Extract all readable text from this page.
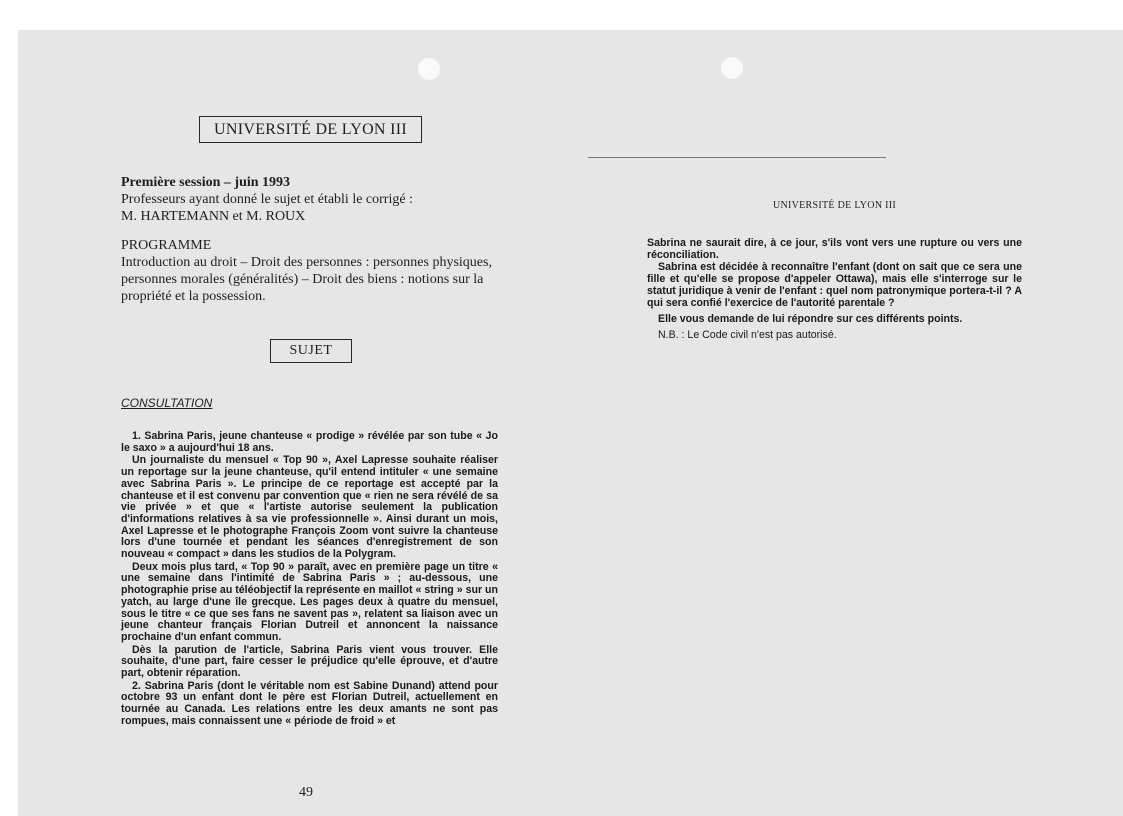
UNIVERSITÉ DE LYON III
Première session – juin 1993
Professeurs ayant donné le sujet et établi le corrigé :
M. HARTEMANN et M. ROUX
PROGRAMME
Introduction au droit – Droit des personnes : personnes physiques, personnes morales (généralités) – Droit des biens : notions sur la propriété et la possession.
SUJET
CONSULTATION

1. Sabrina Paris, jeune chanteuse « prodige » révélée par son tube « Jo le saxo » a aujourd'hui 18 ans.

Un journaliste du mensuel « Top 90 », Axel Lapresse souhaite réaliser un reportage sur la jeune chanteuse, qu'il entend intituler « une semaine avec Sabrina Paris ». Le principe de ce reportage est accepté par la chanteuse et il est convenu par convention que « rien ne sera révélé de sa vie privée » et que « l'artiste autorise seulement la publication d'informations relatives à sa vie professionnelle ». Ainsi durant un mois, Axel Lapresse et le photographe François Zoom vont suivre la chanteuse lors d'une tournée et pendant les séances d'enregistrement de son nouveau « compact » dans les studios de la Polygram.

Deux mois plus tard, « Top 90 » paraît, avec en première page un titre « une semaine dans l'intimité de Sabrina Paris » ; au-dessous, une photographie prise au téléobjectif la représente en maillot « string » sur un yatch, au large d'une île grecque. Les pages deux à quatre du mensuel, sous le titre « ce que ses fans ne savent pas », relatent sa liaison avec un jeune chanteur français Florian Dutreil et annoncent la naissance prochaine d'un enfant commun.

Dès la parution de l'article, Sabrina Paris vient vous trouver. Elle souhaite, d'une part, faire cesser le préjudice qu'elle éprouve, et d'autre part, obtenir réparation.

2. Sabrina Paris (dont le véritable nom est Sabine Dunand) attend pour octobre 93 un enfant dont le père est Florian Dutreil, actuellement en tournée au Canada. Les relations entre les deux amants ne sont pas rompues, mais connaissent une « période de froid » et

49
UNIVERSITÉ DE LYON III

Sabrina ne saurait dire, à ce jour, s'ils vont vers une rupture ou vers une réconciliation.

Sabrina est décidée à reconnaître l'enfant (dont on sait que ce sera une fille et qu'elle se propose d'appeler Ottawa), mais elle s'interroge sur le statut juridique à venir de l'enfant : quel nom patronymique portera-t-il ? A qui sera confié l'exercice de l'autorité parentale ?

Elle vous demande de lui répondre sur ces différents points.

N.B. : Le Code civil n'est pas autorisé.
